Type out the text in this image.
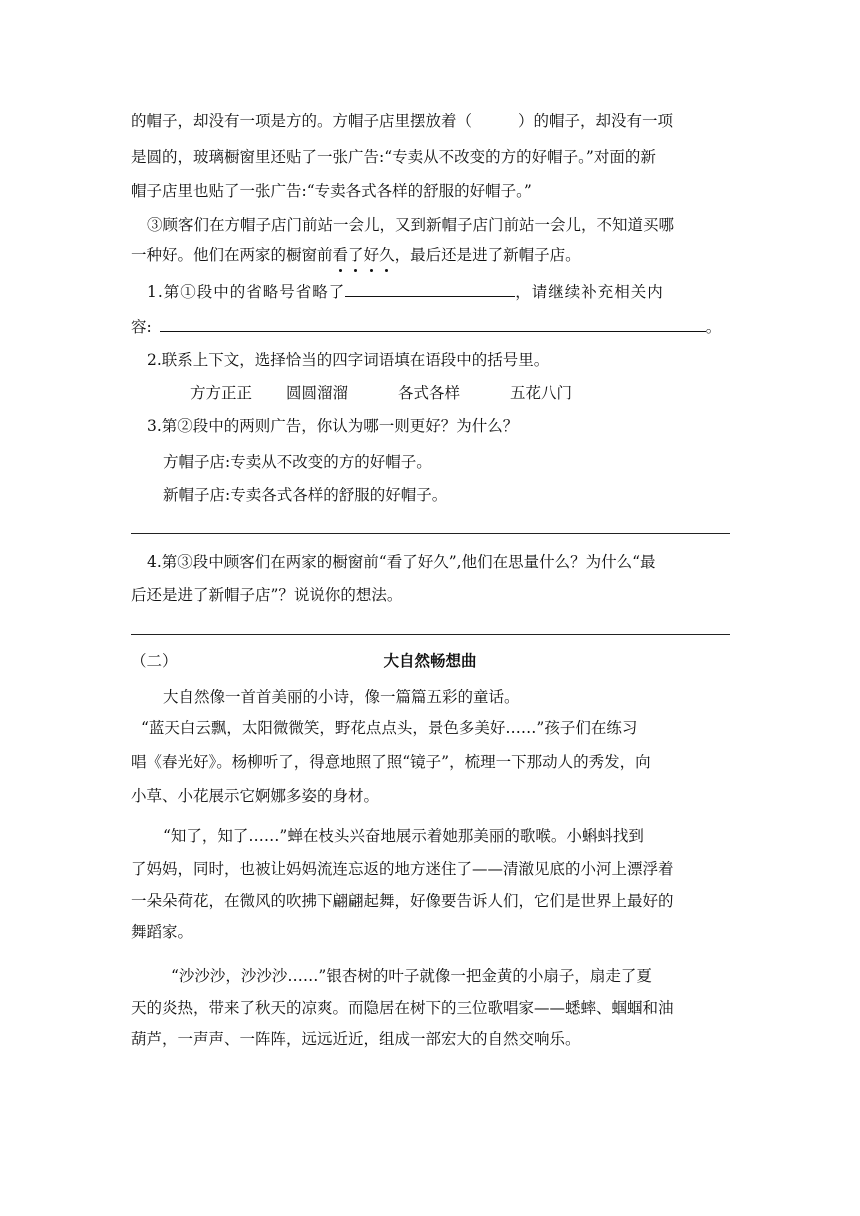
的帽子，却没有一项是方的。方帽子店里摆放着（	）的帽子，却没有一项
是圆的，玻璃橱窗里还贴了一张广告:“专卖从不改变的方的好帽子。”对面的新
帽子店里也贴了一张广告:“专卖各式各样的舒服的好帽子。”
③顾客们在方帽子店门前站一会儿，又到新帽子店门前站一会儿，不知道买哪
一种好。他们在两家的橱窗前看了好久，最后还是进了新帽子店。
1.第①段中的省略号省略了	，请继续补充相关内
容:	。
2.联系上下文，选择恰当的四字词语填在语段中的括号里。
方方正正 圆圆溜溜	各式各样	五花八门
3.第②段中的两则广告，你认为哪一则更好？为什么？
方帽子店:专卖从不改变的方的好帽子。
新帽子店:专卖各式各样的舒服的好帽子。
4.第③段中顾客们在两家的橱窗前“看了好久”,他们在思量什么？为什么“最
后还是进了新帽子店”？说说你的想法。
（二）	大自然畅想曲
大自然像一首首美丽的小诗，像一篇篇五彩的童话。
“蓝天白云飘，太阳微微笑，野花点点头，景色多美好……”孩子们在练习
唱《春光好》。杨柳听了，得意地照了照“镜子”，梳理一下那动人的秀发，向
小草、小花展示它婀娜多姿的身材。
“知了，知了……”蝉在枝头兴奋地展示着她那美丽的歌喉。小蝌蚪找到
了妈妈，同时，也被让妈妈流连忘返的地方迷住了——清澈见底的小河上漂浮着
一朵朵荷花，在微风的吹拂下翩翩起舞，好像要告诉人们，它们是世界上最好的
舞蹈家。
“沙沙沙，沙沙沙……”银杏树的叶子就像一把金黄的小扇子，扇走了夏
天的炎热，带来了秋天的凉爽。而隐居在树下的三位歌唱家——蟋蟀、蝈蝈和油
葫芦，一声声、一阵阵，远远近近，组成一部宏大的自然交响乐。
